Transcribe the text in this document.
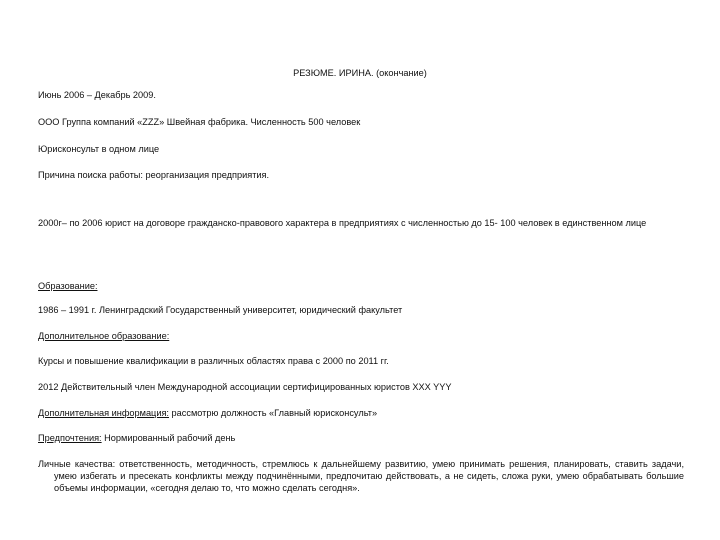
РЕЗЮМЕ. ИРИНА. (окончание)
Июнь 2006 – Декабрь 2009.
ООО Группа компаний «ZZZ» Швейная фабрика. Численность 500 человек
Юрисконсульт в одном лице
Причина поиска работы: реорганизация предприятия.
2000г– по 2006 юрист на договоре гражданско-правового характера в предприятиях с численностью до 15- 100 человек в единственном лице
Образование:
1986 – 1991 г. Ленинградский Государственный университет, юридический факультет
Дополнительное образование:
Курсы и повышение квалификации в различных областях права с 2000 по 2011 гг.
2012 Действительный член Международной ассоциации сертифицированных юристов XXX YYY
Дополнительная информация: рассмотрю должность «Главный юрисконсульт»
Предпочтения: Нормированный рабочий день
Личные качества: ответственность, методичность, стремлюсь к дальнейшему развитию, умею принимать решения, планировать, ставить задачи, умею избегать и пресекать конфликты между подчинёнными, предпочитаю действовать, а не сидеть, сложа руки, умею обрабатывать большие объемы информации, «сегодня делаю то, что можно сделать сегодня».
